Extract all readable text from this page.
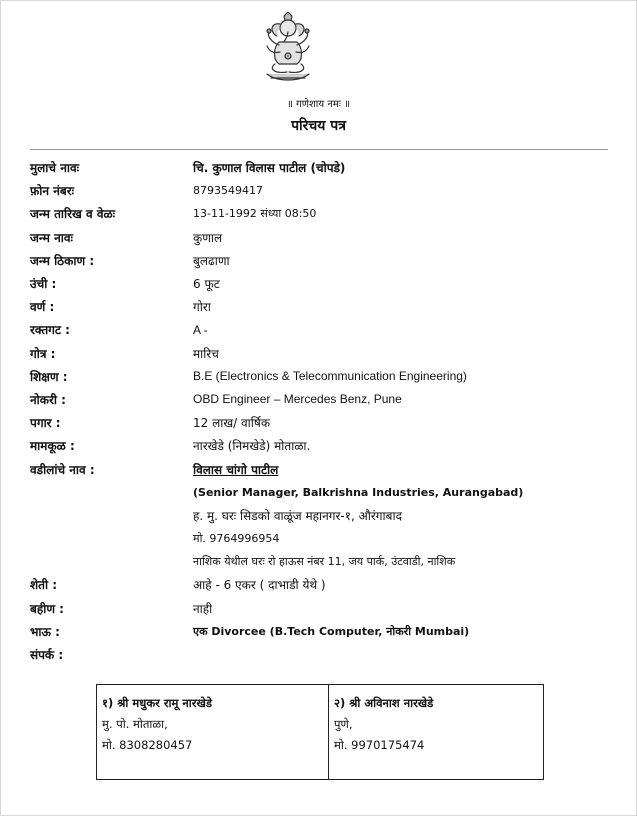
॥ गणेशाय नमः ॥
परिचय पत्र
मुलाचे नावः	चि. कुणाल विलास पाटील (चोपडे)
फ़ोन नंबरः	8793549417
जन्म तारिख व वेळः	13-11-1992 संध्या 08:50
जन्म नावः	कुणाल
जन्म ठिकाण :	बुलढाणा
उंची :	6 फूट
वर्ण :	गोरा
रक्तगट :	A -
गोत्र :	मारिच
शिक्षण :	B.E (Electronics & Telecommunication Engineering)
नोकरी :	OBD Engineer – Mercedes Benz, Pune
पगार :	12 लाख/ वार्षिक
मामकूळ :	नारखेडे (निमखेडे) मोताळा.
वडीलांचे नाव :	विलास चांगो पाटील
(Senior Manager, Balkrishna Industries, Aurangabad)
ह. मु. घरः सिडको वाळूंज महानगर-१, औरंगाबाद
मो. 9764996954
नाशिक येथील घरः रो हाऊस नंबर 11, जय पार्क, उंटवाडी, नाशिक
शेती :	आहे - 6 एकर ( दाभाडी येथे )
बहीण :	नाही
भाऊ :	एक Divorcee (B.Tech Computer, नोकरी Mumbai)
संपर्क :
१) श्री मधुकर रामू नारखेडे
मु. पो. मोताळा,
मो. 8308280457
२) श्री अविनाश नारखेडे
पुणे,
मो. 9970175474
